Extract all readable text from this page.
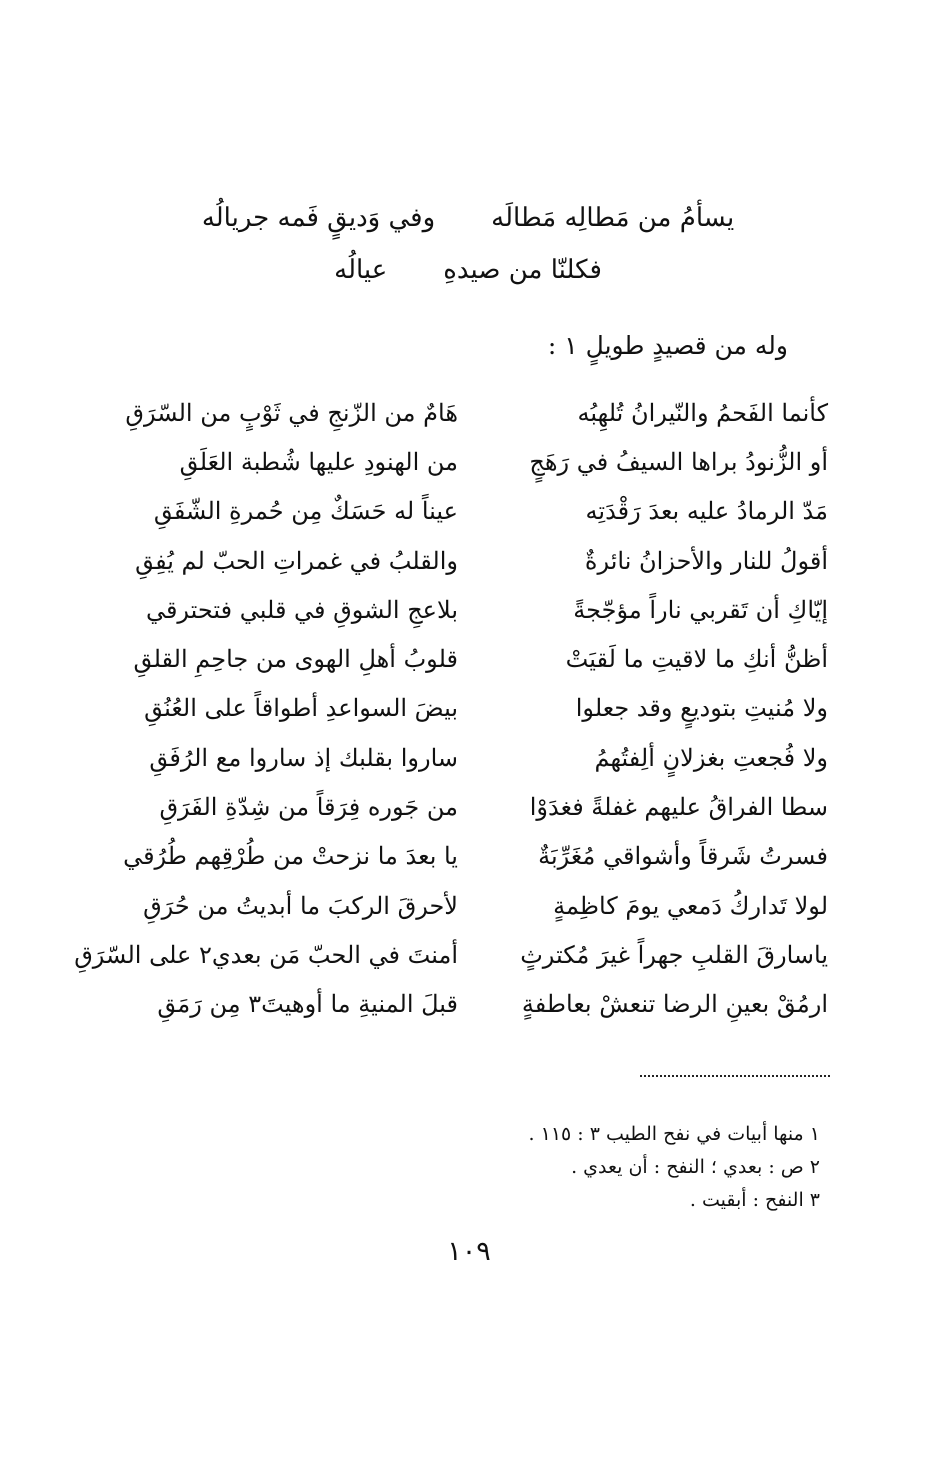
يسأمُ من مَطالِه مَطالَه
وفي وَديقٍ فَمه جريالُه
فكلنّا من صيدهِ
عيالُه
وله من قصيدٍ طويلٍ ١ :
كأنما الفَحمُ والنّيرانُ تُلهِبُه
هَامٌ من الزّنجِ في ثَوْبٍ من السّرَقِ
أو الزُّنودُ براها السيفُ في رَهَجٍ
من الهنودِ عليها شُطبة العَلَقِ
مَدّ الرمادُ عليه بعدَ رَقْدَتِه
عيناً له حَسَكٌ مِن حُمرةِ الشّفَقِ
أقولُ للنار والأحزانُ نائرةٌ
والقلبُ في غمراتِ الحبّ لم يُفِقِ
إيّاكِ أن تَقربي ناراً مؤجّجةً
بلاعجِ الشوقِ في قلبي فتحترقي
أظنُّ أنكِ ما لاقيتِ ما لَقيَتْ
قلوبُ أهلِ الهوى من جاحِمِ القلقِ
ولا مُنيتِ بتوديعٍ وقد جعلوا
بيضَ السواعدِ أطواقاً على العُنُقِ
ولا فُجعتِ بغزلانٍ ألِفتُهمُ
ساروا بقلبك إذ ساروا مع الرُفَقِ
سطا الفراقُ عليهم غفلةً فغدَوْا
من جَوره فِرَقاً من شِدّةِ الفَرَقِ
فسرتُ شَرقاً وأشواقي مُغَرِّبَةٌ
يا بعدَ ما نزحتْ من طُرْقِهم طُرُقي
لولا تَداركُ دَمعي يومَ كاظِمةٍ
لأحرقَ الركبَ ما أبديتُ من حُرَقِ
ياسارقَ القلبِ جهراً غيرَ مُكترثٍ
أمنتَ في الحبّ مَن بعدي٢ على السّرَقِ
ارمُقْ بعينِ الرضا تنعشْ بعاطفةٍ
قبلَ المنيةِ ما أوهيتَ٣ مِن رَمَقِ
١ منها أبيات في نفح الطيب ٣ : ١١٥ .
٢ ص : بعدي ؛ النفح : أن يعدي .
٣ النفح : أبقيت .
١٠٩
